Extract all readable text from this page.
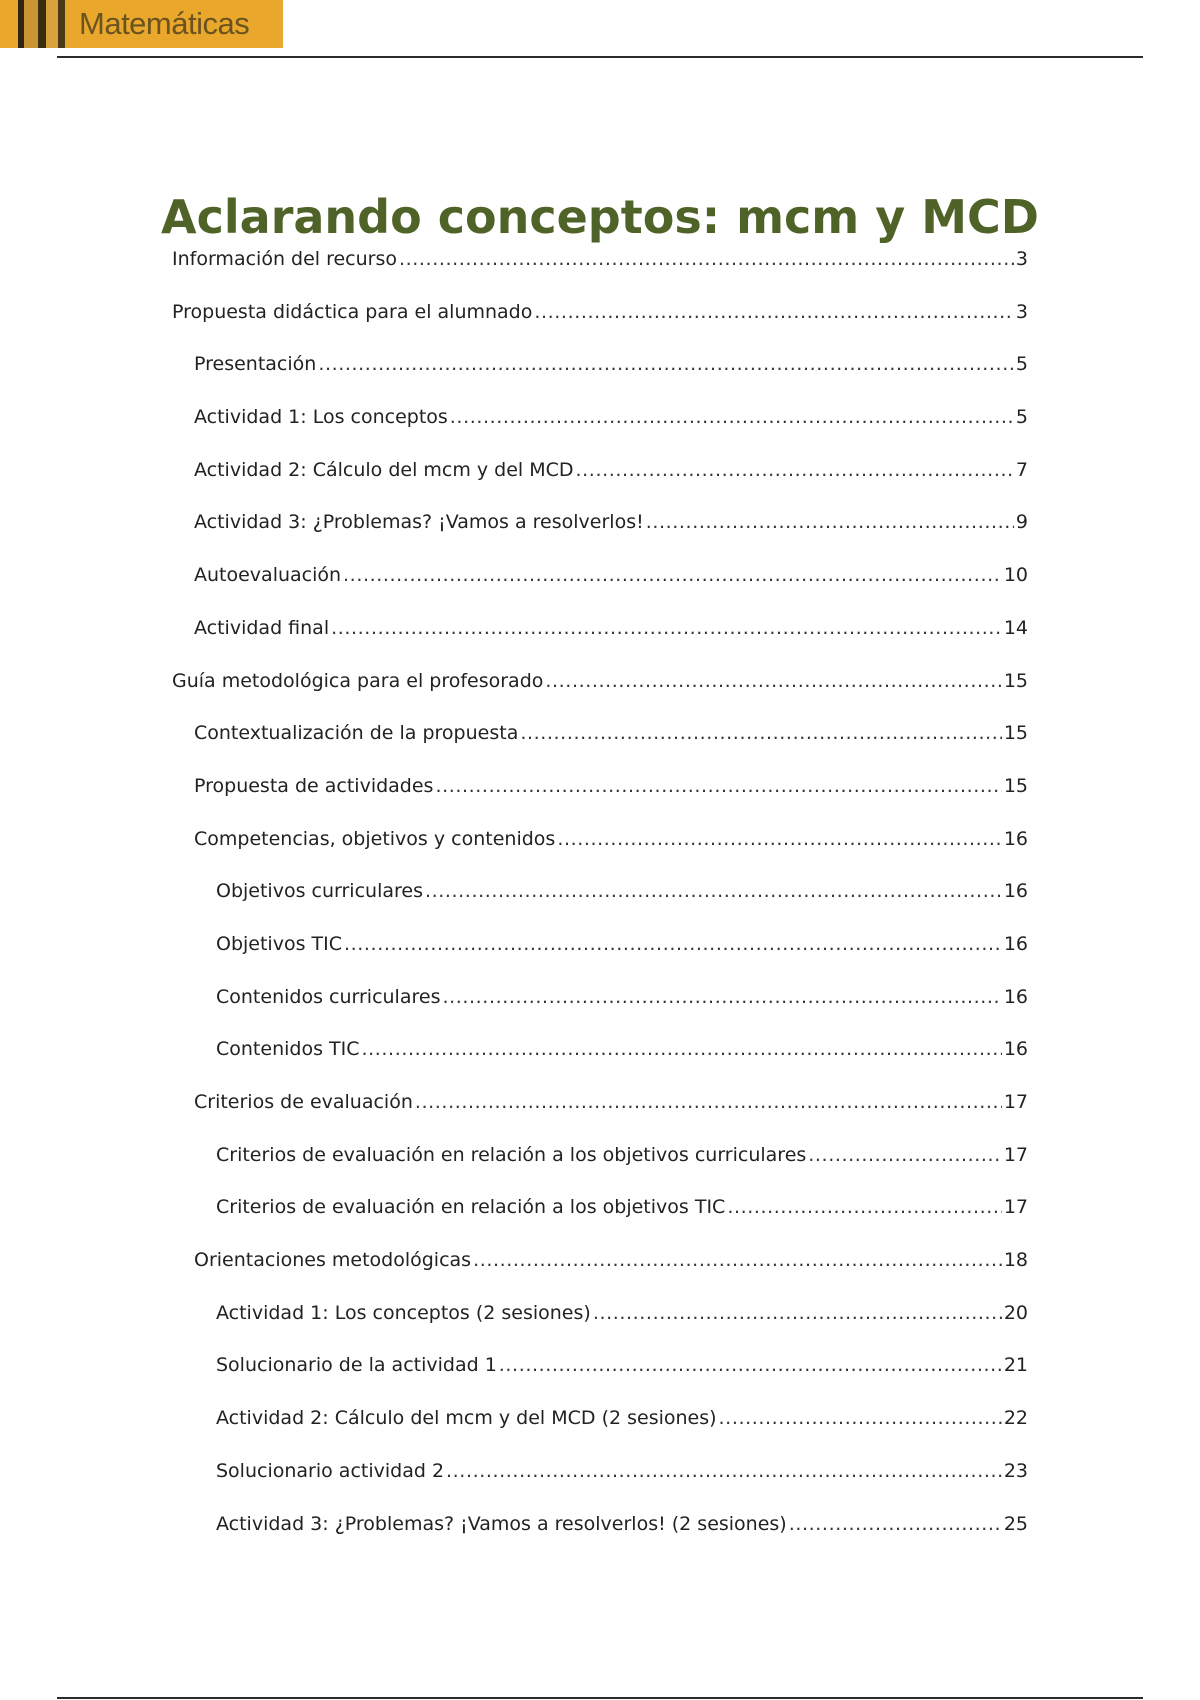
Matemáticas
Aclarando conceptos: mcm y MCD
Información del recurso .....	3
Propuesta didáctica para el alumnado .....	3
Presentación .....	5
Actividad 1: Los conceptos .....	5
Actividad 2: Cálculo del mcm y del MCD .....	7
Actividad 3: ¿Problemas? ¡Vamos a resolverlos! .....	9
Autoevaluación .....	10
Actividad final .....	14
Guía metodológica para el profesorado .....	15
Contextualización de la propuesta .....	15
Propuesta de actividades .....	15
Competencias, objetivos y contenidos .....	16
Objetivos curriculares .....	16
Objetivos TIC .....	16
Contenidos curriculares .....	16
Contenidos TIC .....	16
Criterios de evaluación .....	17
Criterios de evaluación en relación a los objetivos curriculares .....	17
Criterios de evaluación en relación a los objetivos TIC .....	17
Orientaciones metodológicas .....	18
Actividad 1: Los conceptos (2 sesiones) .....	20
Solucionario de la actividad 1 .....	21
Actividad 2: Cálculo del mcm y del MCD (2 sesiones) .....	22
Solucionario actividad 2 .....	23
Actividad 3: ¿Problemas? ¡Vamos a resolverlos! (2 sesiones) .....	25
